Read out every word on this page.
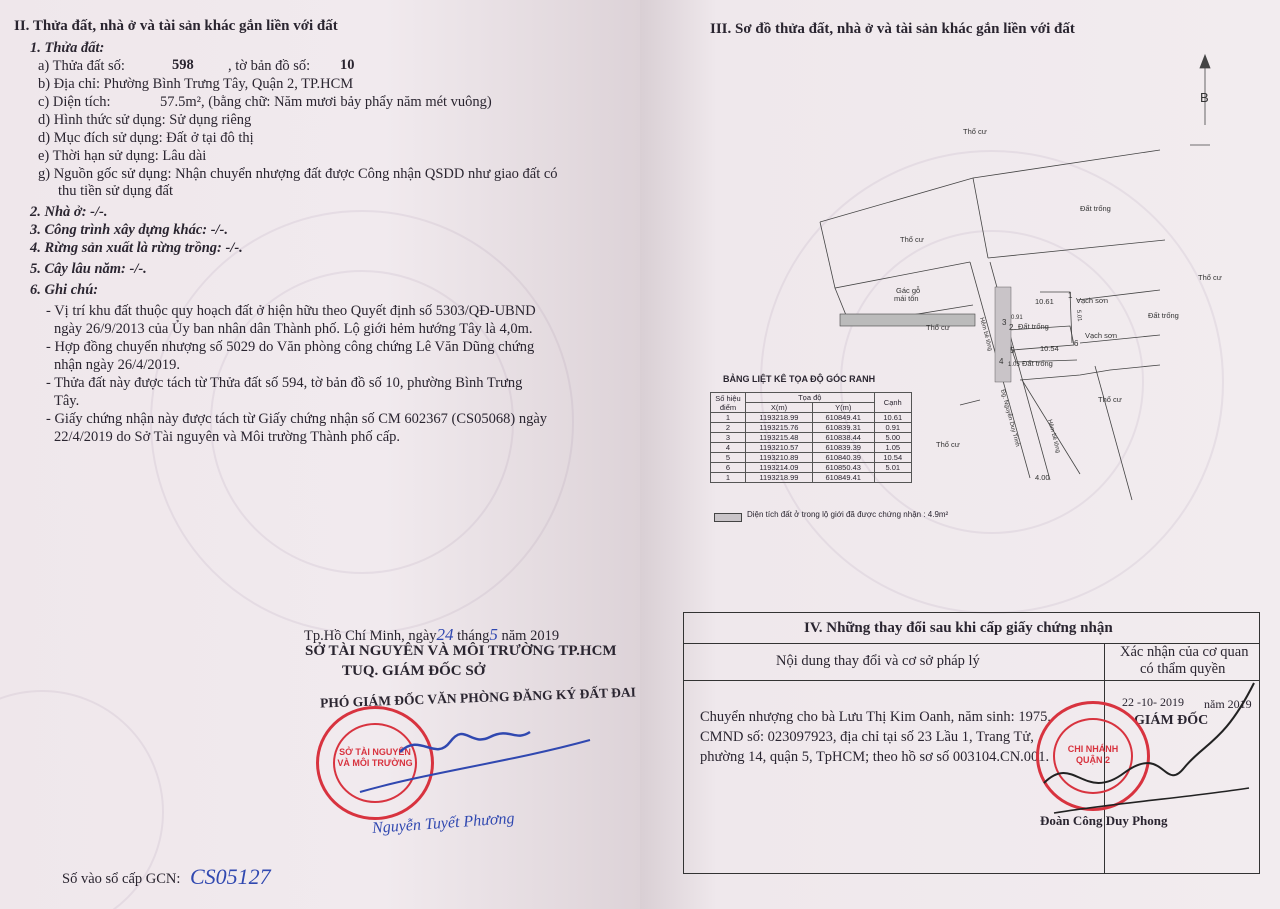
II. Thửa đất, nhà ở và tài sản khác gắn liền với đất
1. Thửa đất:
a) Thửa đất số:	598 , tờ bản đồ số: 10
b) Địa chỉ: Phường Bình Trưng Tây, Quận 2, TP.HCM
c) Diện tích:	57.5m², (bằng chữ: Năm mươi bảy phẩy năm mét vuông)
d) Hình thức sử dụng: Sử dụng riêng
d) Mục đích sử dụng: Đất ở tại đô thị
e) Thời hạn sử dụng: Lâu dài
g) Nguồn gốc sử dụng: Nhận chuyển nhượng đất được Công nhận QSDD như giao đất có
thu tiền sử dụng đất
2. Nhà ở: -/-.
3. Công trình xây dựng khác: -/-.
4. Rừng sản xuất là rừng trồng: -/-.
5. Cây lâu năm: -/-.
6. Ghi chú:
- Vị trí khu đất thuộc quy hoạch đất ở hiện hữu theo Quyết định số 5303/QĐ-UBND
ngày 26/9/2013 của Ủy ban nhân dân Thành phố. Lộ giới hẻm hướng Tây là 4,0m.
- Hợp đồng chuyển nhượng số 5029 do Văn phòng công chứng Lê Văn Dũng chứng
nhận ngày 26/4/2019.
- Thửa đất này được tách từ Thửa đất số 594, tờ bản đồ số 10, phường Bình Trưng
Tây.
- Giấy chứng nhận này được tách từ Giấy chứng nhận số CM 602367 (CS05068) ngày
22/4/2019 do Sở Tài nguyên và Môi trường Thành phố cấp.
Tp.Hồ Chí Minh, ngày24 tháng5 năm 2019
SỞ TÀI NGUYÊN VÀ MÔI TRƯỜNG TP.HCM
TUQ. GIÁM ĐỐC SỞ
PHÓ GIÁM ĐỐC VĂN PHÒNG ĐĂNG KÝ ĐẤT ĐAI
SỞ TÀI NGUYÊN VÀ MÔI TRƯỜNG
Nguyễn Tuyết Phương
Số vào sổ cấp GCN: CS05127
III. Sơ đồ thửa đất, nhà ở và tài sản khác gắn liền với đất
B
Thổ cư
Đất trống
Thổ cư
Thổ cư
Gác gỗ
mái tôn
Thổ cư
10.61	Vạch sơn
Đất trống
Đất trống
Vạch sơn
10.54
Đất trống
Thổ cư
Thổ cư
4.00
Hẻm bê tông
Đg. Nguyễn Duy Trinh	Hẻm bê tông
0.91	5.01
1.05
1
2
3
4
5
6
BẢNG LIỆT KÊ TỌA ĐỘ GÓC RANH
Số hiệu điểm	Tọa độ		Cạnh
	X(m)	Y(m)	
1	1193218.99	610849.41	10.61
2	1193215.76	610839.31	0.91
3	1193215.48	610838.44	5.00
4	1193210.57	610839.39	1.05
5	1193210.89	610840.39	10.54
6	1193214.09	610850.43	5.01
1	1193218.99	610849.41	
Diện tích đất ở trong lộ giới đã được chứng nhận : 4.9m²
IV. Những thay đổi sau khi cấp giấy chứng nhận
Nội dung thay đổi và cơ sở pháp lý
Xác nhận của cơ quan
có thẩm quyền
Chuyển nhượng cho bà Lưu Thị Kim Oanh, năm sinh: 1975,
CMND số: 023097923, địa chỉ tại số 23 Lầu 1, Trang Tử,
phường 14, quận 5, TpHCM; theo hồ sơ số 003104.CN.001.
22 -10- 2019 năm 2019
GIÁM ĐỐC
CHI NHÁNH QUẬN 2
Đoàn Công Duy Phong
